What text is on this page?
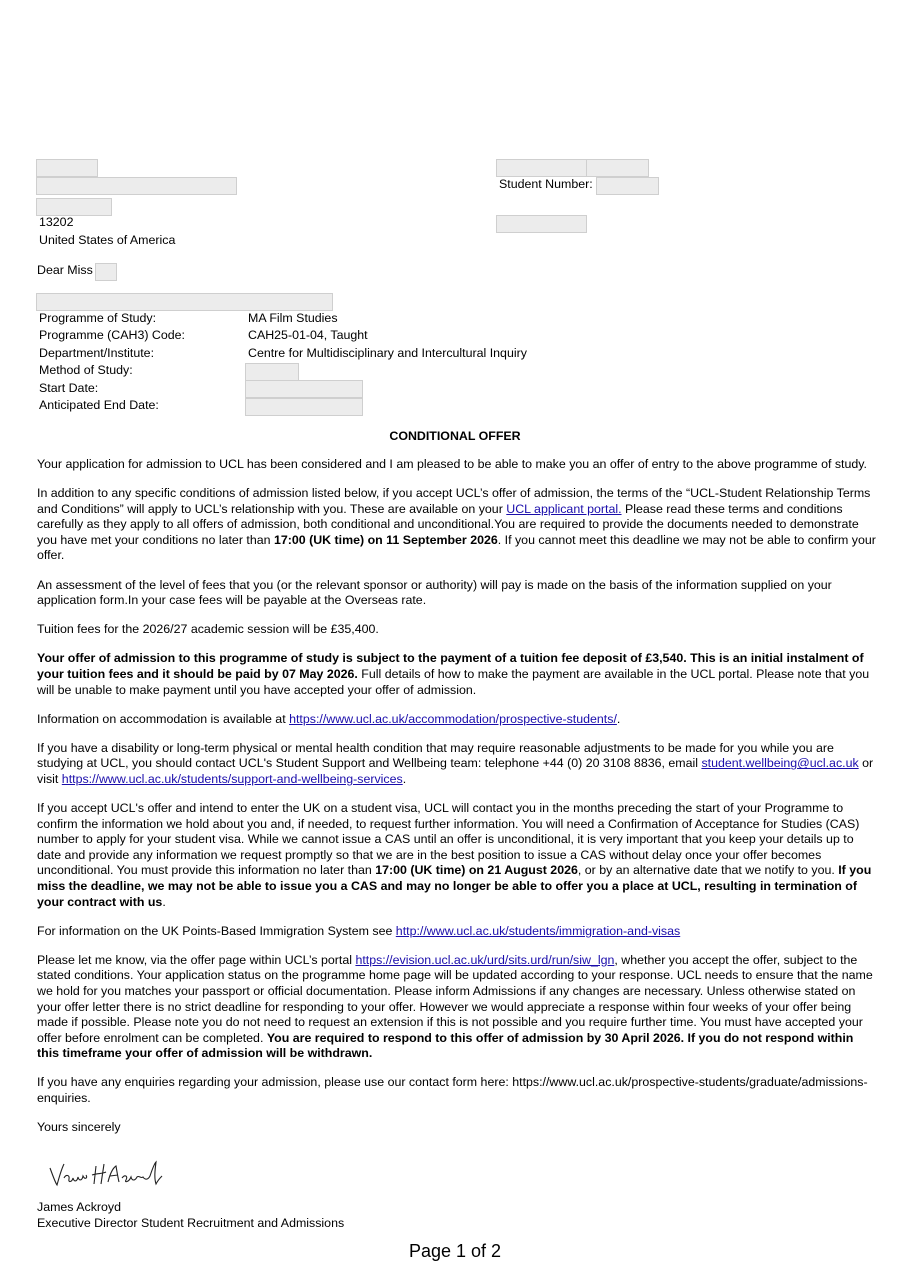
Student Number:
13202
United States of America
Dear Miss
Programme of Study:	MA Film Studies
Programme (CAH3) Code:	CAH25-01-04, Taught
Department/Institute:	Centre for Multidisciplinary and Intercultural Inquiry
Method of Study:
Start Date:
Anticipated End Date:
CONDITIONAL OFFER

Your application for admission to UCL has been considered and I am pleased to be able to make you an offer of entry to the above programme of study.

In addition to any specific conditions of admission listed below, if you accept UCL’s offer of admission, the terms of the “UCL-Student Relationship Terms and Conditions” will apply to UCL’s relationship with you. These are available on your UCL applicant portal. Please read these terms and conditions carefully as they apply to all offers of admission, both conditional and unconditional.You are required to provide the documents needed to demonstrate you have met your conditions no later than 17:00 (UK time) on 11 September 2026. If you cannot meet this deadline we may not be able to confirm your offer.

An assessment of the level of fees that you (or the relevant sponsor or authority) will pay is made on the basis of the information supplied on your application form.In your case fees will be payable at the Overseas rate.

Tuition fees for the 2026/27 academic session will be £35,400.

Your offer of admission to this programme of study is subject to the payment of a tuition fee deposit of £3,540. This is an initial instalment of your tuition fees and it should be paid by 07 May 2026. Full details of how to make the payment are available in the UCL portal. Please note that you will be unable to make payment until you have accepted your offer of admission.

Information on accommodation is available at https://www.ucl.ac.uk/accommodation/prospective-students/.

If you have a disability or long-term physical or mental health condition that may require reasonable adjustments to be made for you while you are studying at UCL, you should contact UCL's Student Support and Wellbeing team: telephone +44 (0) 20 3108 8836, email student.wellbeing@ucl.ac.uk or visit https://www.ucl.ac.uk/students/support-and-wellbeing-services.

If you accept UCL's offer and intend to enter the UK on a student visa, UCL will contact you in the months preceding the start of your Programme to confirm the information we hold about you and, if needed, to request further information. You will need a Confirmation of Acceptance for Studies (CAS) number to apply for your student visa. While we cannot issue a CAS until an offer is unconditional, it is very important that you keep your details up to date and provide any information we request promptly so that we are in the best position to issue a CAS without delay once your offer becomes unconditional. You must provide this information no later than 17:00 (UK time) on 21 August 2026, or by an alternative date that we notify to you. If you miss the deadline, we may not be able to issue you a CAS and may no longer be able to offer you a place at UCL, resulting in termination of your contract with us.

For information on the UK Points-Based Immigration System see http://www.ucl.ac.uk/students/immigration-and-visas

Please let me know, via the offer page within UCL’s portal https://evision.ucl.ac.uk/urd/sits.urd/run/siw_lgn, whether you accept the offer, subject to the stated conditions. Your application status on the programme home page will be updated according to your response. UCL needs to ensure that the name we hold for you matches your passport or official documentation. Please inform Admissions if any changes are necessary. Unless otherwise stated on your offer letter there is no strict deadline for responding to your offer. However we would appreciate a response within four weeks of your offer being made if possible. Please note you do not need to request an extension if this is not possible and you require further time. You must have accepted your offer before enrolment can be completed. You are required to respond to this offer of admission by 30 April 2026. If you do not respond within this timeframe your offer of admission will be withdrawn.

If you have any enquiries regarding your admission, please use our contact form here: https://www.ucl.ac.uk/prospective-students/graduate/admissions-enquiries.

Yours sincerely

James Ackroyd
Executive Director Student Recruitment and Admissions
Page 1 of 2
